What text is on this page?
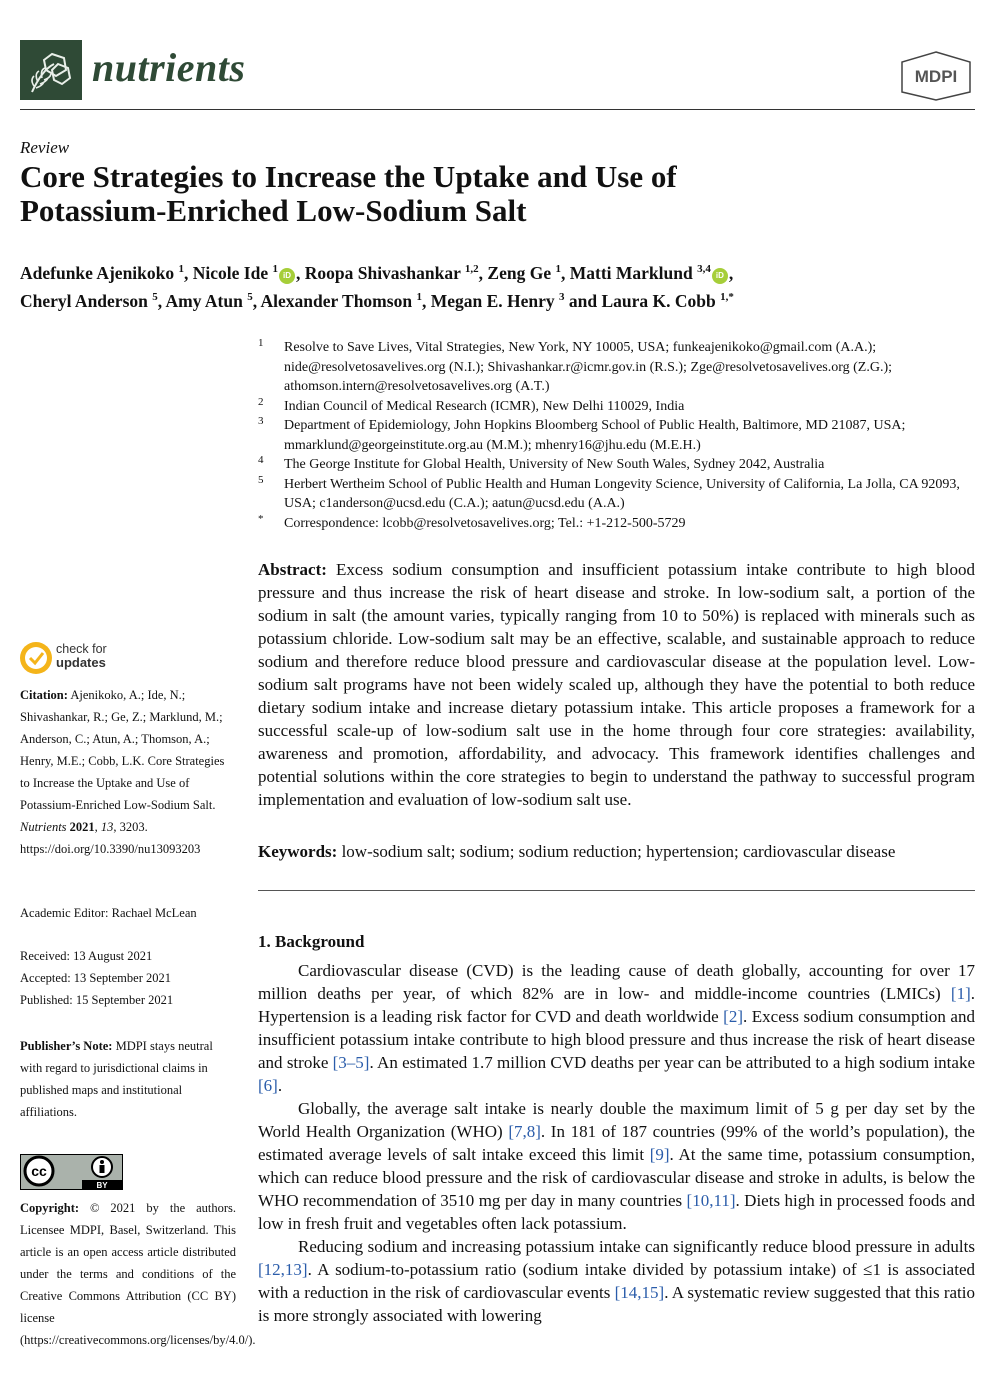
nutrients	MDPI
Review
Core Strategies to Increase the Uptake and Use of
Potassium-Enriched Low-Sodium Salt
Adefunke Ajenikoko $^1$, Nicole Ide $^1$iD , Roopa Shivashankar $^{1,2}$, Zeng Ge $^1$, Matti Marklund $^{3,4}$iD ,
Cheryl Anderson $^5$, Amy Atun $^5$, Alexander Thomson $^1$, Megan E. Henry $^3$ and Laura K. Cobb $^{1,*}$
1 Resolve to Save Lives, Vital Strategies, New York, NY 10005, USA; funkeajenikoko@gmail.com (A.A.); nide@resolvetosavelives.org (N.I.); Shivashankar.r@icmr.gov.in (R.S.); Zge@resolvetosavelives.org (Z.G.); athomson.intern@resolvetosavelives.org (A.T.)
2 Indian Council of Medical Research (ICMR), New Delhi 110029, India
3 Department of Epidemiology, John Hopkins Bloomberg School of Public Health, Baltimore, MD 21087, USA; mmarklund@georgeinstitute.org.au (M.M.); mhenry16@jhu.edu (M.E.H.)
4 The George Institute for Global Health, University of New South Wales, Sydney 2042, Australia
5 Herbert Wertheim School of Public Health and Human Longevity Science, University of California, La Jolla, CA 92093, USA; c1anderson@ucsd.edu (C.A.); aatun@ucsd.edu (A.A.)
* Correspondence: lcobb@resolvetosavelives.org; Tel.: +1-212-500-5729
Abstract: Excess sodium consumption and insufficient potassium intake contribute to high blood pressure and thus increase the risk of heart disease and stroke. In low-sodium salt, a portion of the sodium in salt (the amount varies, typically ranging from 10 to 50%) is replaced with minerals such as potassium chloride. Low-sodium salt may be an effective, scalable, and sustainable approach to reduce sodium and therefore reduce blood pressure and cardiovascular disease at the population level. Low-sodium salt programs have not been widely scaled up, although they have the potential to both reduce dietary sodium intake and increase dietary potassium intake. This article proposes a framework for a successful scale-up of low-sodium salt use in the home through four core strategies: availability, awareness and promotion, affordability, and advocacy. This framework identifies challenges and potential solutions within the core strategies to begin to understand the pathway to successful program implementation and evaluation of low-sodium salt use.
Keywords: low-sodium salt; sodium; sodium reduction; hypertension; cardiovascular disease
1. Background

Cardiovascular disease (CVD) is the leading cause of death globally, accounting for over 17 million deaths per year, of which 82% are in low- and middle-income countries (LMICs) [1]. Hypertension is a leading risk factor for CVD and death worldwide [2]. Excess sodium consumption and insufficient potassium intake contribute to high blood pressure and thus increase the risk of heart disease and stroke [3–5]. An estimated 1.7 million CVD deaths per year can be attributed to a high sodium intake [6].

Globally, the average salt intake is nearly double the maximum limit of 5 g per day set by the World Health Organization (WHO) [7,8]. In 181 of 187 countries (99% of the world’s population), the estimated average levels of salt intake exceed this limit [9]. At the same time, potassium consumption, which can reduce blood pressure and the risk of cardiovascular disease and stroke in adults, is below the WHO recommendation of 3510 mg per day in many countries [10,11]. Diets high in processed foods and low in fresh fruit and vegetables often lack potassium.

Reducing sodium and increasing potassium intake can significantly reduce blood pressure in adults [12,13]. A sodium-to-potassium ratio (sodium intake divided by potassium intake) of ≤1 is associated with a reduction in the risk of cardiovascular events [14,15]. A systematic review suggested that this ratio is more strongly associated with lowering

check for
updates
Citation: Ajenikoko, A.; Ide, N.; Shivashankar, R.; Ge, Z.; Marklund, M.; Anderson, C.; Atun, A.; Thomson, A.; Henry, M.E.; Cobb, L.K. Core Strategies to Increase the Uptake and Use of Potassium-Enriched Low-Sodium Salt. Nutrients 2021, 13, 3203. https://doi.org/10.3390/nu13093203
Academic Editor: Rachael McLean
Received: 13 August 2021
Accepted: 13 September 2021
Published: 15 September 2021
Publisher’s Note: MDPI stays neutral with regard to jurisdictional claims in published maps and institutional affiliations.
cc
BY
Copyright: © 2021 by the authors. Licensee MDPI, Basel, Switzerland. This article is an open access article distributed under the terms and conditions of the Creative Commons Attribution (CC BY) license (https://creativecommons.org/licenses/by/4.0/).
